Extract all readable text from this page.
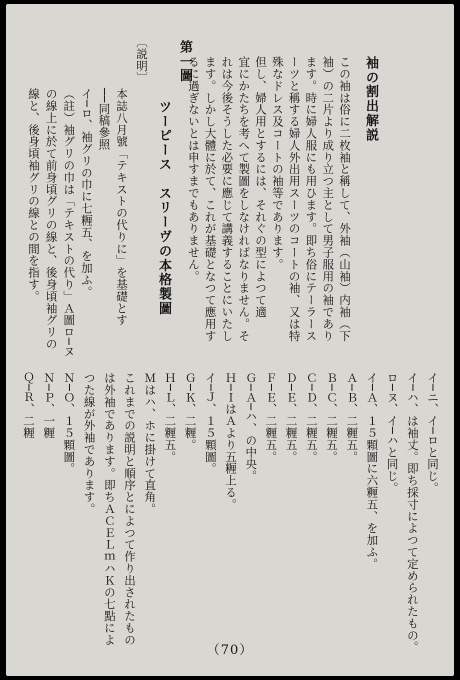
袖の割出解説
この袖は俗に二枚袖と稱して、外袖（山袖）内袖（下
袖）の二片より成り立つ主として男子服用の袖であり
ます。時に婦人服にも用ひます。即ち俗にテーラース
ーツと稱する婦人外出用スーツのコートの袖、又は特
殊なドレス及コートの袖等であります。
但し、婦人用とするには、それぐの型によつて適
宜にかたちを考へて製圖をしなければなりません。そ
れは今後そうした必要に應じて講義することにいたし
ます。しかし大體に於て、これが基礎となつて應用す
るに過ぎないとは申すまでもありません。
第一圖
ツーピース　スリーヴの本格製圖
〔説明〕
本誌八月號「テキストの代りに」を基礎とす
──同稿參照
イ─ロ、袖グリの巾に七糎五、を加ふ。
（註）袖グリの巾は「テキストの代り」Ａ圖ロ─ヌ
の線上に於て前身頃グリの線と、後身頃袖グリの
線と、後身頃袖グリの線との間を指す。
イ─ニ、イ─ロと同じ。
イ─ハ、は袖丈。即ち採寸によつて定められたもの。
ロ─ヌ、イ─ハと同じ。
イ─Ａ、１５顆圖に六糎五、を加ふ。
Ａ─Ｂ、二糎五。
Ｂ─Ｃ、二糎五。
Ｃ─Ｄ、二糎五。
Ｄ─Ｅ、二糎五。
Ｆ─Ｅ、二糎五。
Ｇ─Ａ─ハ、の中央。
Ｈ─ＩはＡより五糎上る。
イ─Ｊ、１５顆圖。
Ｇ─Ｋ、二糎。
Ｈ─Ｌ、二糎五。
Ｍはハ、ホに掛けて直角。
これまでの説明と順序とによつて作り出されたもの
は外袖であります。即ちＡＣＥＬｍハＫの七點によ
つた線が外袖であります。
Ｎ─Ｏ、１５顆圖。
Ｎ─Ｐ、一糎
Ｑ─Ｒ、二糎
（70）
